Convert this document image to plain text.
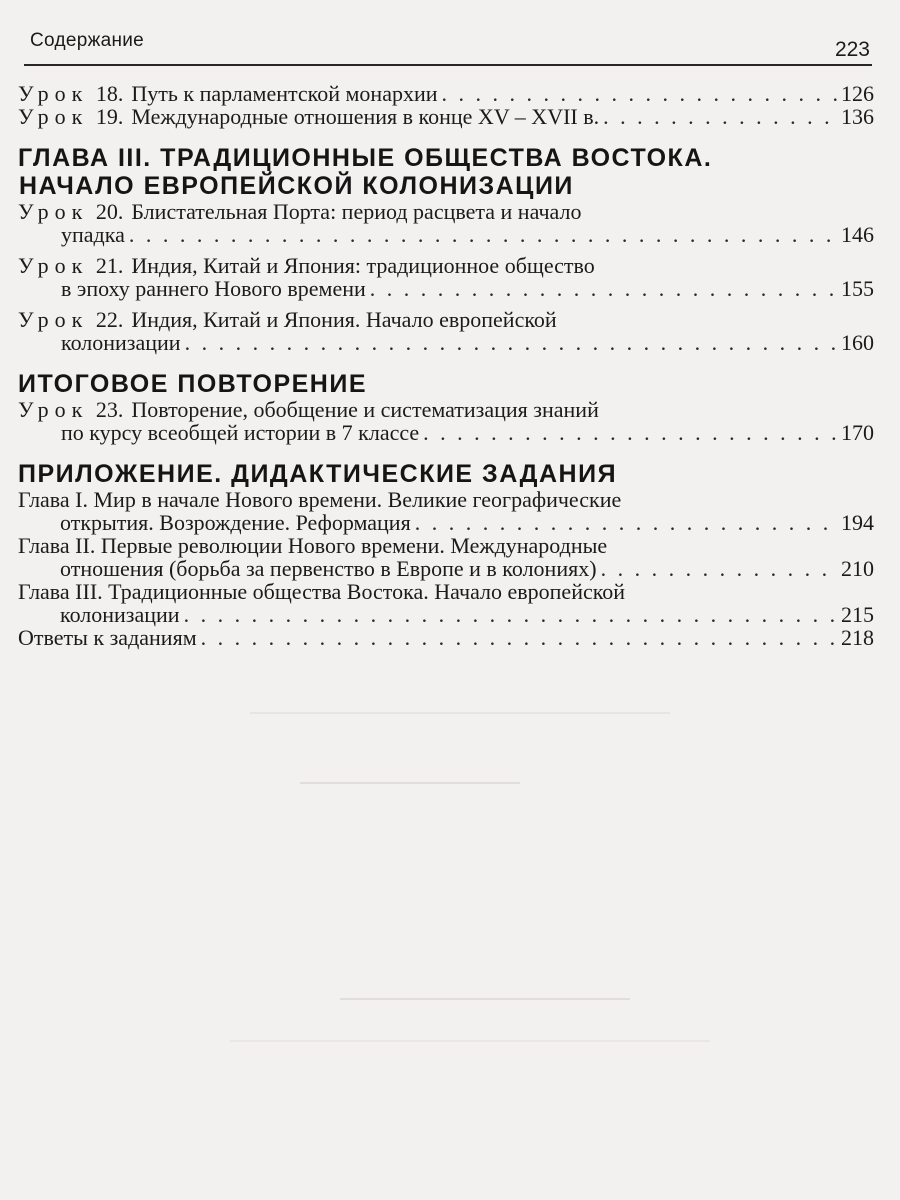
Содержание	223
Урок 18. Путь к парламентской монархии . . .	126
Урок 19. Международные отношения в конце XV – XVII в. . . .	136
ГЛАВА III. ТРАДИЦИОННЫЕ ОБЩЕСТВА ВОСТОКА.
НАЧАЛО ЕВРОПЕЙСКОЙ КОЛОНИЗАЦИИ
Урок 20. Блистательная Порта: период расцвета и начало
упадка . . .	146
Урок 21. Индия, Китай и Япония: традиционное общество
в эпоху раннего Нового времени . . .	155
Урок 22. Индия, Китай и Япония. Начало европейской
колонизации . . .	160
ИТОГОВОЕ ПОВТОРЕНИЕ
Урок 23. Повторение, обобщение и систематизация знаний
по курсу всеобщей истории в 7 классе . . .	170
ПРИЛОЖЕНИЕ. ДИДАКТИЧЕСКИЕ ЗАДАНИЯ
Глава I. Мир в начале Нового времени. Великие географические
открытия. Возрождение. Реформация . . .	194
Глава II. Первые революции Нового времени. Международные
отношения (борьба за первенство в Европе и в колониях) . . .	210
Глава III. Традиционные общества Востока. Начало европейской
колонизации . . .	215
Ответы к заданиям . . .	218
